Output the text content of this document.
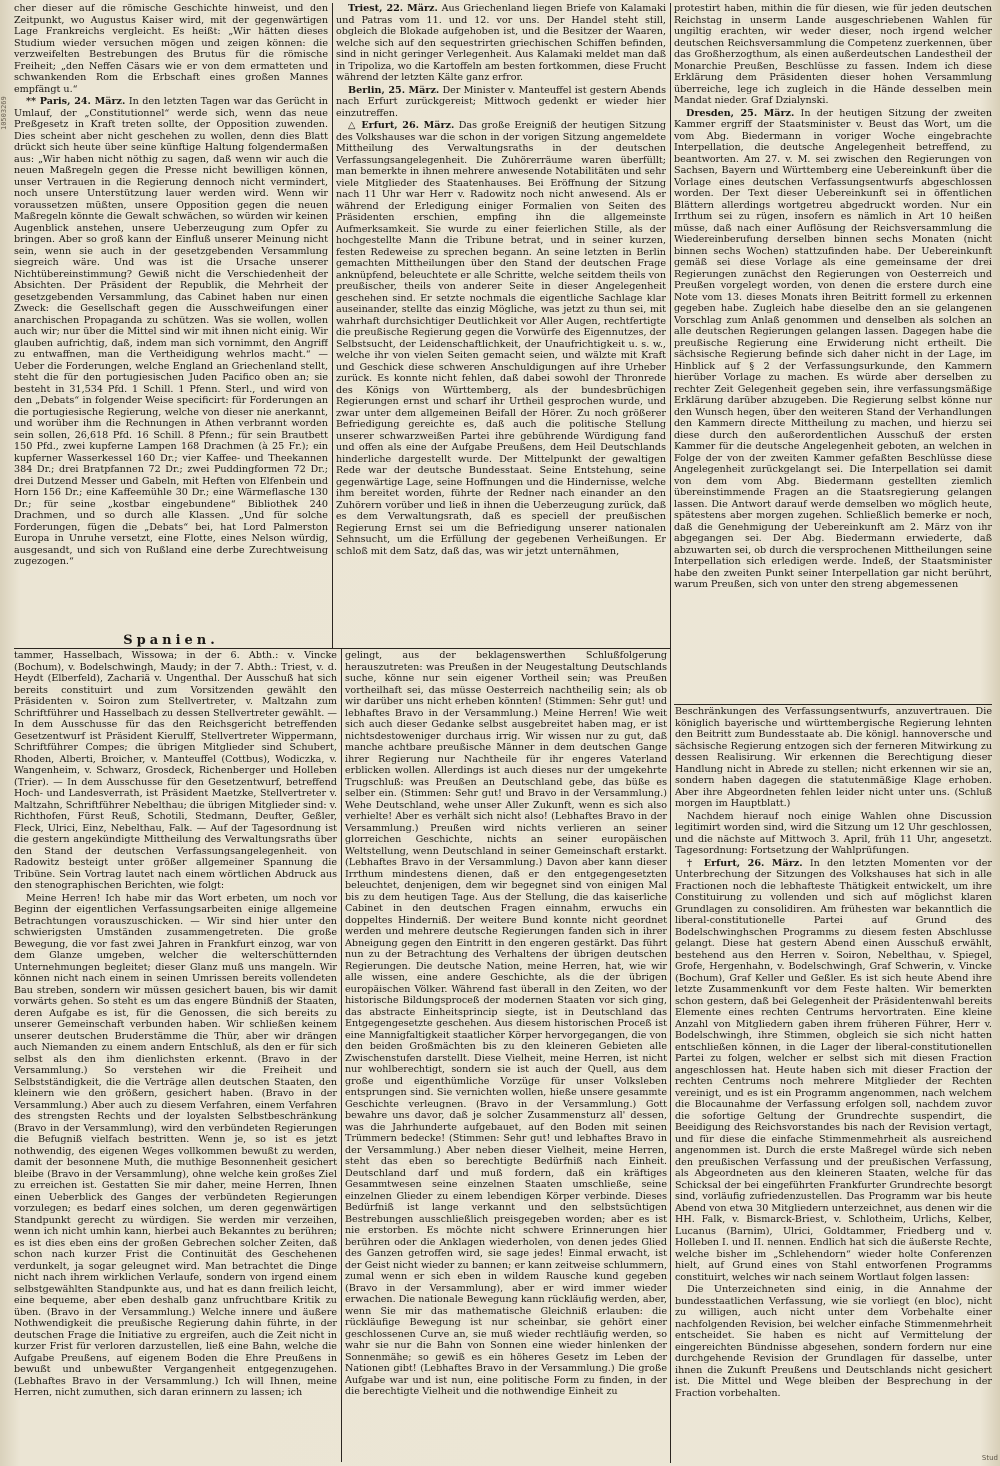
10503269

cher dieser auf die römische Geschichte hinweist, und den Zeitpunkt, wo Augustus Kaiser wird, mit der gegenwärtigen Lage Frankreichs vergleicht. Es heißt: „Wir hätten dieses Studium wieder versuchen mögen und zeigen können: die verzweifelten Bestrebungen des Brutus für die römische Freiheit; „den Neffen Cäsars wie er von dem ermatteten und schwankenden Rom die Erbschaft eines großen Mannes empfängt u.“

** Paris, 24. März. In den letzten Tagen war das Gerücht in Umlauf, der „Constitutionnel“ werde sich, wenn das neue Preßgesetz in Kraft treten sollte, der Opposition zuwenden. Dies scheint aber nicht geschehen zu wollen, denn dies Blatt drückt sich heute über seine künftige Haltung folgendermaßen aus: „Wir haben nicht nöthig zu sagen, daß wenn wir auch die neuen Maßregeln gegen die Presse nicht bewilligen können, unser Vertrauen in die Regierung dennoch nicht vermindert, noch unsere Unterstützung lauer werden wird. Wenn wir voraussetzen müßten, unsere Opposition gegen die neuen Maßregeln könnte die Gewalt schwächen, so würden wir keinen Augenblick anstehen, unsere Ueberzeugung zum Opfer zu bringen. Aber so groß kann der Einfluß unserer Meinung nicht sein, wenn sie auch in der gesetzgebenden Versammlung siegreich wäre. Und was ist die Ursache unserer Nichtübereinstimmung? Gewiß nicht die Verschiedenheit der Absichten. Der Präsident der Republik, die Mehrheit der gesetzgebenden Versammlung, das Cabinet haben nur einen Zweck: die Gesellschaft gegen die Ausschweifungen einer anarchischen Propaganda zu schützen. Was sie wollen, wollen auch wir; nur über die Mittel sind wir mit ihnen nicht einig. Wir glauben aufrichtig, daß, indem man sich vornimmt, den Angriff zu entwaffnen, man die Vertheidigung wehrlos macht.“ — Ueber die Forderungen, welche England an Griechenland stellt, steht die für den portugiesischen Juden Pacifico oben an; sie besteht in 31,534 Pfd. 1 Schill. 1 Pfenn. Sterl., und wird von den „Debats“ in folgender Weise specificirt: für Forderungen an die portugiesische Regierung, welche von dieser nie anerkannt, und worüber ihm die Rechnungen in Athen verbrannt worden sein sollen, 26,618 Pfd. 16 Schill. 8 Pfenn.; für sein Brautbett 150 Pfd., zwei kupferne Lampen 168 Drachmen (à 25 Fr.); ein kupferner Wasserkessel 160 Dr.; vier Kaffee- und Theekannen 384 Dr.; drei Bratpfannen 72 Dr.; zwei Puddingformen 72 Dr.; drei Dutzend Messer und Gabeln, mit Heften von Elfenbein und Horn 156 Dr.; eine Kaffeemühle 30 Dr.; eine Wärmeflasche 130 Dr.; für seine „kostbar eingebundene“ Bibliothek 240 Drachmen, und so durch alle Klassen. „Und für solche Forderungen, fügen die „Debats“ bei, hat Lord Palmerston Europa in Unruhe versetzt, eine Flotte, eines Nelson würdig, ausgesandt, und sich von Rußland eine derbe Zurechtweisung zugezogen.“

Triest, 22. März. Aus Griechenland liegen Briefe von Kalamaki und Patras vom 11. und 12. vor uns. Der Handel steht still, obgleich die Blokade aufgehoben ist, und die Besitzer der Waaren, welche sich auf den sequestrirten griechischen Schiffen befinden, sind in nicht geringer Verlegenheit. Aus Kalamaki meldet man daß in Tripoliza, wo die Kartoffeln am besten fortkommen, diese Frucht während der letzten Kälte ganz erfror.

Berlin, 25. März. Der Minister v. Manteuffel ist gestern Abends nach Erfurt zurückgereist; Mittwoch gedenkt er wieder hier einzutreffen.

△ Erfurt, 26. März. Das große Ereigniß der heutigen Sitzung des Volkshauses war die schon in der vorigen Sitzung angemeldete Mittheilung des Verwaltungsraths in der deutschen Verfassungsangelegenheit. Die Zuhörerräume waren überfüllt; man bemerkte in ihnen mehrere anwesende Notabilitäten und sehr viele Mitglieder des Staatenhauses. Bei Eröffnung der Sitzung nach 11 Uhr war Herr v. Radowitz noch nicht anwesend. Als er während der Erledigung einiger Formalien von Seiten des Präsidenten erschien, empfing ihn die allgemeinste Aufmerksamkeit. Sie wurde zu einer feierlichen Stille, als der hochgestellte Mann die Tribune betrat, und in seiner kurzen, festen Redeweise zu sprechen begann. An seine letzten in Berlin gemachten Mittheilungen über den Stand der deutschen Frage anknüpfend, beleuchtete er alle Schritte, welche seitdem theils von preußischer, theils von anderer Seite in dieser Angelegenheit geschehen sind. Er setzte nochmals die eigentliche Sachlage klar auseinander, stellte das einzig Mögliche, was jetzt zu thun sei, mit wahrhaft durchsichtiger Deutlichkeit vor Aller Augen, rechtfertigte die preußische Regierung gegen die Vorwürfe des Eigennutzes, der Selbstsucht, der Leidenschaftlichkeit, der Unaufrichtigkeit u. s. w., welche ihr von vielen Seiten gemacht seien, und wälzte mit Kraft und Geschick diese schweren Anschuldigungen auf ihre Urheber zurück. Es konnte nicht fehlen, daß dabei sowohl der Thronrede des Königs von Württemberg, als der bundesbrüchigen Regierungen ernst und scharf ihr Urtheil gesprochen wurde, und zwar unter dem allgemeinen Beifall der Hörer. Zu noch größerer Befriedigung gereichte es, daß auch die politische Stellung unserer schwarzweißen Partei ihre gebührende Würdigung fand und offen als eine der Aufgabe Preußens, dem Heil Deutschlands hinderliche dargestellt wurde. Der Mittelpunkt der gewaltigen Rede war der deutsche Bundesstaat. Seine Entstehung, seine gegenwärtige Lage, seine Hoffnungen und die Hindernisse, welche ihm bereitet worden, führte der Redner nach einander an den Zuhörern vorüber und ließ in ihnen die Ueberzeugung zurück, daß es dem Verwaltungsrath, daß es speciell der preußischen Regierung Ernst sei um die Befriedigung unserer nationalen Sehnsucht, um die Erfüllung der gegebenen Verheißungen. Er schloß mit dem Satz, daß das, was wir jetzt unternähmen,

protestirt haben, mithin die für diesen, wie für jeden deutschen Reichstag in unserm Lande ausgeschriebenen Wahlen für ungiltig erachten, wir weder dieser, noch irgend welcher deutschen Reichsversammlung die Competenz zuerkennen, über das Großherzogthum, als einen außerdeutschen Landestheil der Monarchie Preußen, Beschlüsse zu fassen. Indem ich diese Erklärung dem Präsidenten dieser hohen Versammlung überreiche, lege ich zugleich in die Hände desselben mein Mandat nieder. Graf Dzialynski.

Dresden, 25. März. In der heutigen Sitzung der zweiten Kammer ergriff der Staatsminister v. Beust das Wort, um die vom Abg. Biedermann in voriger Woche eingebrachte Interpellation, die deutsche Angelegenheit betreffend, zu beantworten. Am 27. v. M. sei zwischen den Regierungen von Sachsen, Bayern und Württemberg eine Uebereinkunft über die Vorlage eines deutschen Verfassungsentwurfs abgeschlossen worden. Der Text dieser Uebereinkunft sei in öffentlichen Blättern allerdings wortgetreu abgedruckt worden. Nur ein Irrthum sei zu rügen, insofern es nämlich in Art 10 heißen müsse, daß nach einer Auflösung der Reichsversammlung die Wiedereinberufung derselben binnen sechs Monaten (nicht binnen sechs Wochen) stattzufinden habe. Der Uebereinkunft gemäß sei diese Vorlage als eine gemeinsame der drei Regierungen zunächst den Regierungen von Oesterreich und Preußen vorgelegt worden, von denen die erstere durch eine Note vom 13. dieses Monats ihren Beitritt formell zu erkennen gegeben habe. Zugleich habe dieselbe den an sie gelangenen Vorschlag zum Anlaß genommen und denselben als solchen an alle deutschen Regierungen gelangen lassen. Dagegen habe die preußische Regierung eine Erwiderung nicht ertheilt. Die sächsische Regierung befinde sich daher nicht in der Lage, im Hinblick auf § 2 der Verfassungsurkunde, den Kammern hierüber Vorlage zu machen. Es würde aber derselben zu rechter Zeit Gelegenheit gegeben sein, ihre verfassungsmäßige Erklärung darüber abzugeben. Die Regierung selbst könne nur den Wunsch hegen, über den weiteren Stand der Verhandlungen den Kammern directe Mittheilung zu machen, und hierzu sei diese durch den außerordentlichen Ausschuß der ersten Kammer für die deutsche Angelegenheit geboten, an welchen in Folge der von der zweiten Kammer gefaßten Beschlüsse diese Angelegenheit zurückgelangt sei. Die Interpellation sei damit von dem vom Abg. Biedermann gestellten ziemlich übereinstimmende Fragen an die Staatsregierung gelangen lassen. Die Antwort darauf werde demselben wo möglich heute, spätestens aber morgen zugehen. Schließlich bemerke er noch, daß die Genehmigung der Uebereinkunft am 2. März von ihr abgegangen sei. Der Abg. Biedermann erwiederte, daß abzuwarten sei, ob durch die versprochenen Mittheilungen seine Interpellation sich erledigen werde. Indeß, der Staatsminister habe den zweiten Punkt seiner Interpellation gar nicht berührt, warum Preußen, sich von unter den streng abgemessenen

Spanien.

tammer, Hasselbach, Wissowa; in der 6. Abth.: v. Vincke (Bochum), v. Bodelschwingh, Maudy; in der 7. Abth.: Triest, v. d. Heydt (Elberfeld), Zachariä v. Ungenthal. Der Ausschuß hat sich bereits constituirt und zum Vorsitzenden gewählt den Präsidenten v. Soiron zum Stellvertreter, v. Maltzahn zum Schriftführer und Hasselbach zu dessen Stellvertreter gewählt. — In dem Ausschusse für das den Reichsgericht betreffenden Gesetzentwurf ist Präsident Kierulff, Stellvertreter Wippermann, Schriftführer Compes; die übrigen Mitglieder sind Schubert, Rhoden, Alberti, Broicher, v. Manteuffel (Cottbus), Wodiczka, v. Wangenheim, v. Schwarz, Grosdeck, Richenberger und Holleben (Trier). — In dem Ausschusse für den Gesetzentwurf, betreffend Hoch- und Landesverrath, ist Präsident Maetzke, Stellvertreter v. Maltzahn, Schriftführer Nebelthau; die übrigen Mitglieder sind: v. Richthofen, Fürst Reuß, Schotili, Stedmann, Deufter, Geßler, Fleck, Ulrici, Einz, Nebelthau, Falk. — Auf der Tagesordnung ist die gestern angekündigte Mittheilung des Verwaltungsraths über den Stand der deutschen Verfassungsangelegenheit. von Radowitz besteigt unter größer allgemeiner Spannung die Tribüne. Sein Vortrag lautet nach einem wörtlichen Abdruck aus den stenographischen Berichten, wie folgt:

Meine Herren! Ich habe mir das Wort erbeten, um noch vor Beginn der eigentlichen Verfassungsarbeiten einige allgemeine Betrachtungen vorauszuschicken. — Wir sind hier unter den schwierigsten Umständen zusammengetreten. Die große Bewegung, die vor fast zwei Jahren in Frankfurt einzog, war von dem Glanze umgeben, welcher die welterschütternden Unternehmungen begleitet; dieser Glanz muß uns mangeln. Wir können nicht nach einem in seinen Umrissen bereits vollendeten Bau streben, sondern wir müssen gesichert bauen, bis wir damit vorwärts gehen. So steht es um das engere Bündniß der Staaten, deren Aufgabe es ist, für die Genossen, die sich bereits zu unserer Gemeinschaft verbunden haben. Wir schließen keinem unserer deutschen Bruderstämme die Thür, aber wir drängen auch Niemanden zu einem andern Entschluß, als den er für sich selbst als den ihm dienlichsten erkennt. (Bravo in der Versammlung.) So verstehen wir die Freiheit und Selbstständigkeit, die die Verträge allen deutschen Staaten, den kleinern wie den größern, gesichert haben. (Bravo in der Versammlung.) Aber auch zu diesem Verfahren, einem Verfahren des strengsten Rechts und der loyalsten Selbstbeschränkung (Bravo in der Versammlung), wird den verbündeten Regierungen die Befugniß vielfach bestritten. Wenn je, so ist es jetzt nothwendig, des eigenen Weges vollkommen bewußt zu werden, damit der besonnene Muth, die muthige Besonnenheit gesichert bleibe (Bravo in der Versammlung), ohne welche kein großes Ziel zu erreichen ist. Gestatten Sie mir daher, meine Herren, Ihnen einen Ueberblick des Ganges der verbündeten Regierungen vorzulegen; es bedarf eines solchen, um deren gegenwärtigen Standpunkt gerecht zu würdigen. Sie werden mir verzeihen, wenn ich nicht umhin kann, hierbei auch Bekanntes zu berühren; es ist dies eben eins der großen Gebrechen solcher Zeiten, daß schon nach kurzer Frist die Continuität des Geschehenen verdunkelt, ja sogar geleugnet wird. Man betrachtet die Dinge nicht nach ihrem wirklichen Verlaufe, sondern von irgend einem selbstgewählten Standpunkte aus, und hat es dann freilich leicht, eine bequeme, aber eben deshalb ganz unfruchtbare Kritik zu üben. (Bravo in der Versammlung.) Welche innere und äußere Nothwendigkeit die preußische Regierung dahin führte, in der deutschen Frage die Initiative zu ergreifen, auch die Zeit nicht in kurzer Frist für verloren darzustellen, ließ eine Bahn, welche die Aufgabe Preußens, auf eigenem Boden die Ehre Preußens in bewußt und unbewußter Vergangenheit entgegenzugehen. (Lebhaftes Bravo in der Versammlung.) Ich will Ihnen, meine Herren, nicht zumuthen, sich daran erinnern zu lassen; ich

gelingt, aus der beklagenswerthen Schlußfolgerung herauszutreten: was Preußen in der Neugestaltung Deutschlands suche, könne nur sein eigener Vortheil sein; was Preußen vortheilhaft sei, das müsse Oesterreich nachtheilig sein; als ob wir darüber uns nicht erheben könnten! (Stimmen: Sehr gut! und lebhaftes Bravo in der Versammlung.) Meine Herren! Wie weit sich auch dieser Gedanke selbst ausgebreitet haben mag, er ist nichtsdestoweniger durchaus irrig. Wir wissen nur zu gut, daß manche achtbare preußische Männer in dem deutschen Gange ihrer Regierung nur Nachtheile für ihr engeres Vaterland erblicken wollen. Allerdings ist auch dieses nur der umgekehrte Trugschluß: was Preußen an Deutschland gebe, das büße es selber ein. (Stimmen: Sehr gut! und Bravo in der Versammlung.) Wehe Deutschland, wehe unser Aller Zukunft, wenn es sich also verhielte! Aber es verhält sich nicht also! (Lebhaftes Bravo in der Versammlung.) Preußen wird nichts verlieren an seiner glorreichen Geschichte, nichts an seiner europäischen Weltstellung, wenn Deutschland in seiner Gemeinschaft erstarkt. (Lebhaftes Bravo in der Versammlung.) Davon aber kann dieser Irrthum mindestens dienen, daß er den entgegengesetzten beleuchtet, denjenigen, dem wir begegnet sind von einigen Mal bis zu dem heutigen Tage. Aus der Stellung, die das kaiserliche Cabinet in den deutschen Fragen einnahm, erwuchs ein doppeltes Hinderniß. Der weitere Bund konnte nicht geordnet werden und mehrere deutsche Regierungen fanden sich in ihrer Abneigung gegen den Eintritt in den engeren gestärkt. Das führt nun zu der Betrachtung des Verhaltens der übrigen deutschen Regierungen. Die deutsche Nation, meine Herren, hat, wie wir alle wissen, eine andere Geschichte, als die der übrigen europäischen Völker. Während fast überall in den Zeiten, wo der historische Bildungsproceß der modernen Staaten vor sich ging, das abstracte Einheitsprincip siegte, ist in Deutschland das Entgegengesetzte geschehen. Aus diesem historischen Proceß ist eine Mannigfaltigkeit staatlicher Körper hervorgegangen, die von den beiden Großmächten bis zu den kleineren Gebieten alle Zwischenstufen darstellt. Diese Vielheit, meine Herren, ist nicht nur wohlberechtigt, sondern sie ist auch der Quell, aus dem große und eigenthümliche Vorzüge für unser Volksleben entsprungen sind. Sie vernichten wollen, hieße unsere gesammte Geschichte verleugnen. (Bravo in der Versammlung.) Gott bewahre uns davor, daß je solcher Zusammensturz all' dessen, was die Jahrhunderte aufgebauet, auf den Boden mit seinen Trümmern bedecke! (Stimmen: Sehr gut! und lebhaftes Bravo in der Versammlung.) Aber neben dieser Vielheit, meine Herren, steht das eben so berechtigte Bedürfniß nach Einheit. Deutschland darf und muß fordern, daß ein kräftiges Gesammtwesen seine einzelnen Staaten umschließe, seine einzelnen Glieder zu einem lebendigen Körper verbinde. Dieses Bedürfniß ist lange verkannt und den selbstsüchtigen Bestrebungen ausschließlich preisgegeben worden; aber es ist nie erstorben. Es möchte nicht schwere Erinnerungen hier berühren oder die Anklagen wiederholen, von denen jedes Glied des Ganzen getroffen wird, sie sage jedes! Einmal erwacht, ist der Geist nicht wieder zu bannen; er kann zeitweise schlummern, zumal wenn er sich eben in wildem Rausche kund gegeben (Bravo in der Versammlung), aber er wird immer wieder erwachen. Die nationale Bewegung kann rückläufig werden, aber, wenn Sie mir das mathematische Gleichniß erlauben: die rückläufige Bewegung ist nur scheinbar, sie gehört einer geschlossenen Curve an, sie muß wieder rechtläufig werden, so wahr sie nur die Bahn von Sonnen eine wieder hinlenken der Sonnenmähe; so gewiß es ein höheres Gesetz im Leben der Nationen gibt! (Lebhaftes Bravo in der Versammlung.) Die große Aufgabe war und ist nun, eine politische Form zu finden, in der die berechtigte Vielheit und die nothwendige Einheit zu

Beschränkungen des Verfassungsentwurfs, anzuvertrauen. Die königlich bayerische und württembergische Regierung lehnten den Beitritt zum Bundesstaate ab. Die königl. hannoversche und sächsische Regierung entzogen sich der ferneren Mitwirkung zu dessen Realisirung. Wir erkennen die Berechtigung dieser Handlung nicht in Abrede zu stellen; nicht erkennen wir sie an, sondern haben dagegen die statutenmäßige Klage erhoben. Aber ihre Abgeordneten fehlen leider nicht unter uns. (Schluß morgen im Hauptblatt.)

Nachdem hierauf noch einige Wahlen ohne Discussion legitimirt worden sind, wird die Sitzung um 12 Uhr geschlossen, und die nächste auf Mittwoch 3. April, früh 11 Uhr, angesetzt. Tagesordnung: Fortsetzung der Wahlprüfungen.

† Erfurt, 26. März. In den letzten Momenten vor der Unterbrechung der Sitzungen des Volkshauses hat sich in alle Fractionen noch die lebhafteste Thätigkeit entwickelt, um ihre Constituirung zu vollenden und sich auf möglichst klaren Grundlagen zu consolidiren. Am frühesten war bekanntlich die liberal-constitutionelle Partei auf Grund des Bodelschwinghschen Programms zu diesem festen Abschlusse gelangt. Diese hat gestern Abend einen Ausschuß erwählt, bestehend aus den Herren v. Soiron, Nebelthau, v. Spiegel, Grofe, Hergenhahn, v. Bodelschwingh, Graf Schwerin, v. Vincke (Bochum), Graf Keller und Geßler. Es ist sich heute Abend ihre letzte Zusammenkunft vor dem Feste halten. Wir bemerkten schon gestern, daß bei Gelegenheit der Präsidentenwahl bereits Elemente eines rechten Centrums hervortraten. Eine kleine Anzahl von Mitgliedern gaben ihrem früheren Führer, Herr v. Bodelschwingh, ihre Stimmen, obgleich sie sich nicht hatten entschließen können, in die Lager der liberal-constitutionellen Partei zu folgen, welcher er selbst sich mit diesen Fraction angeschlossen hat. Heute haben sich mit dieser Fraction der rechten Centrums noch mehrere Mitglieder der Rechten vereinigt, und es ist ein Programm angenommen, nach welchem die Blocaunahme der Verfassung erfolgen soll, nachdem zuvor die sofortige Geltung der Grundrechte suspendirt, die Beeidigung des Reichsvorstandes bis nach der Revision vertagt, und für diese die einfache Stimmenmehrheit als ausreichend angenommen ist. Durch die erste Maßregel würde sich neben den preußischen Verfassung und der preußischen Verfassung, als Abgeordneten aus den kleineren Staaten, welche für das Schicksal der bei eingeführten Frankfurter Grundrechte besorgt sind, vorläufig zufriedenzustellen. Das Programm war bis heute Abend von etwa 30 Mitgliedern unterzeichnet, aus denen wir die HH. Falk, v. Bismarck-Briest, v. Schlotheim, Urlichs, Kelber, Lucanus (Barnim), Ulrici, Goldtammer, Friedberg und v. Holleben I. und II. nennen. Endlich hat sich die äußerste Rechte, welche bisher im „Schlehendorn“ wieder holte Conferenzen hielt, auf Grund eines von Stahl entworfenen Programms constituirt, welches wir nach seinem Wortlaut folgen lassen:

Die Unterzeichneten sind einig, in die Annahme der bundesstaatlichen Verfassung, wie sie vorliegt (en bloc), nicht zu willigen, auch nicht unter dem Vorbehalte einer nachfolgenden Revision, bei welcher einfache Stimmenmehrheit entscheidet. Sie haben es nicht auf Vermittelung der eingereichten Bündnisse abgesehen, sondern fordern nur eine durchgehende Revision der Grundlagen für dasselbe, unter ihnen die Zukunft Preußens und Deutschlands nicht gesichert ist. Die Mittel und Wege bleiben der Besprechung in der Fraction vorbehalten.

Stud
